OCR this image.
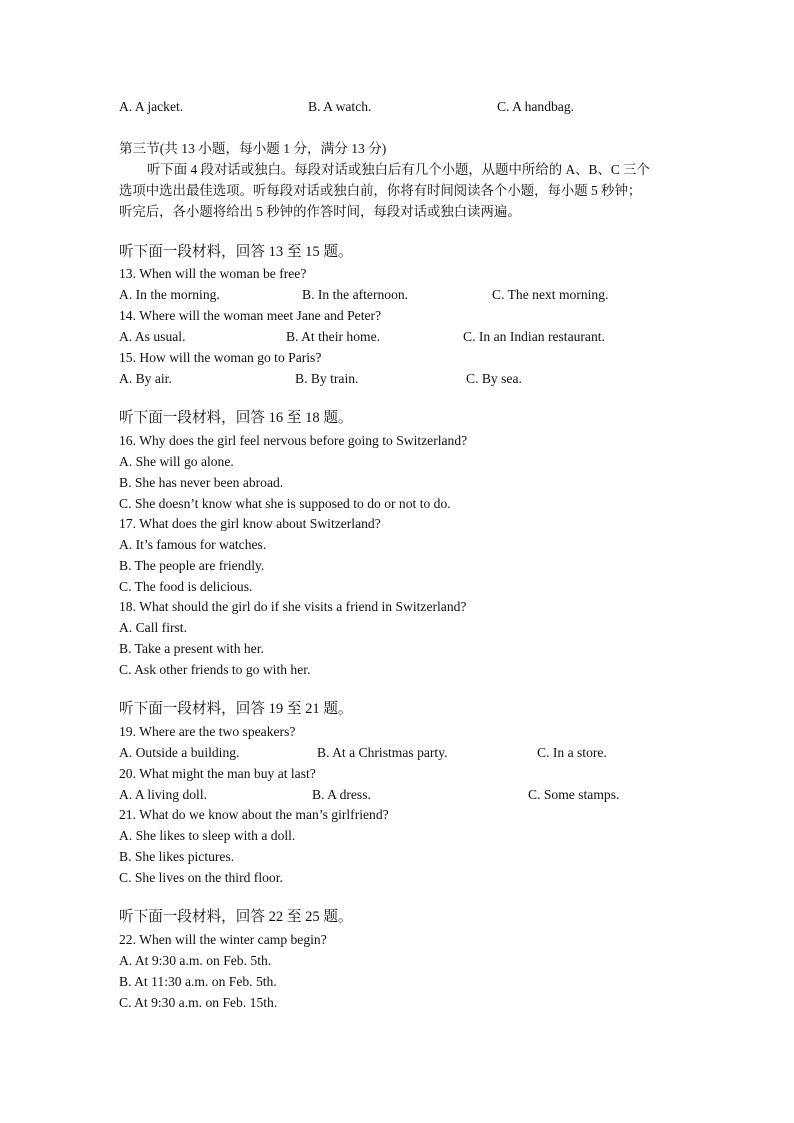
A. A jacket.	B. A watch.	C. A handbag.
第三节(共 13 小题，每小题 1 分，满分 13 分)
听下面 4 段对话或独白。每段对话或独白后有几个小题，从题中所给的 A、B、C 三个
选项中选出最佳选项。听每段对话或独白前，你将有时间阅读各个小题，每小题 5 秒钟；
听完后，各小题将给出 5 秒钟的作答时间，每段对话或独白读两遍。
听下面一段材料，回答 13 至 15 题。
13. When will the woman be free?
A. In the morning.	B. In the afternoon.	C. The next morning.
14. Where will the woman meet Jane and Peter?
A. As usual.	B. At their home.	C. In an Indian restaurant.
15. How will the woman go to Paris?
A. By air.	B. By train.	C. By sea.
听下面一段材料，回答 16 至 18 题。
16. Why does the girl feel nervous before going to Switzerland?
A. She will go alone.
B. She has never been abroad.
C. She doesn’t know what she is supposed to do or not to do.
17. What does the girl know about Switzerland?
A. It’s famous for watches.
B. The people are friendly.
C. The food is delicious.
18. What should the girl do if she visits a friend in Switzerland?
A. Call first.
B. Take a present with her.
C. Ask other friends to go with her.
听下面一段材料，回答 19 至 21 题。
19. Where are the two speakers?
A. Outside a building.	B. At a Christmas party.	C. In a store.
20. What might the man buy at last?
A. A living doll.	B. A dress.	C. Some stamps.
21. What do we know about the man’s girlfriend?
A. She likes to sleep with a doll.
B. She likes pictures.
C. She lives on the third floor.
听下面一段材料，回答 22 至 25 题。
22. When will the winter camp begin?
A. At 9:30 a.m. on Feb. 5th.
B. At 11:30 a.m. on Feb. 5th.
C. At 9:30 a.m. on Feb. 15th.
